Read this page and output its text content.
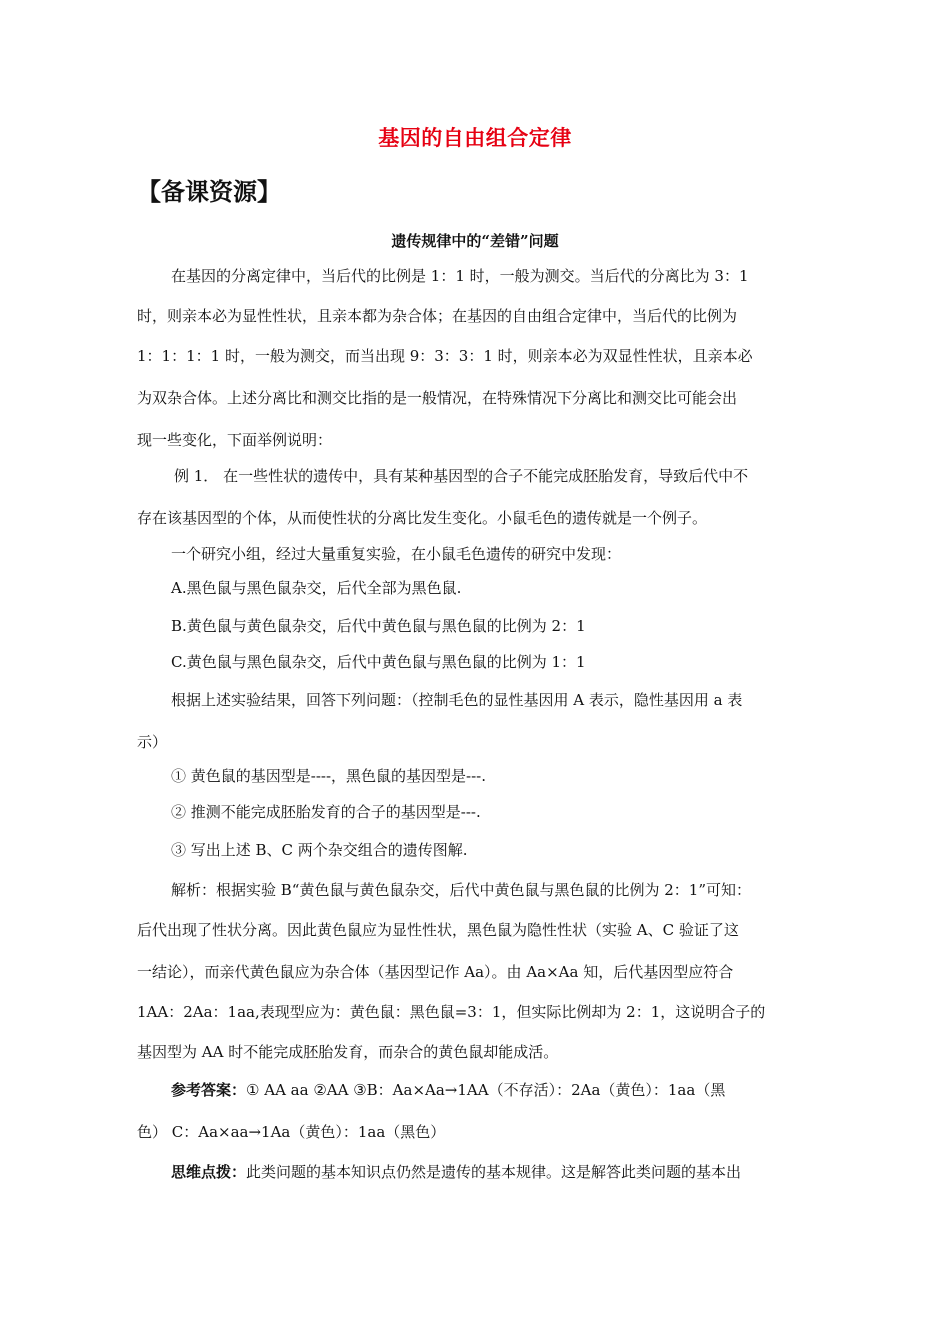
基因的自由组合定律
【备课资源】
遗传规律中的“差错”问题
在基因的分离定律中，当后代的比例是 1：1 时，一般为测交。当后代的分离比为 3：1
时，则亲本必为显性性状，且亲本都为杂合体；在基因的自由组合定律中，当后代的比例为
1：1：1：1 时，一般为测交，而当出现 9：3：3：1 时，则亲本必为双显性性状，且亲本必
为双杂合体。上述分离比和测交比指的是一般情况，在特殊情况下分离比和测交比可能会出
现一些变化，下面举例说明：
例 1． 在一些性状的遗传中，具有某种基因型的合子不能完成胚胎发育，导致后代中不
存在该基因型的个体，从而使性状的分离比发生变化。小鼠毛色的遗传就是一个例子。
一个研究小组，经过大量重复实验，在小鼠毛色遗传的研究中发现：
A.黑色鼠与黑色鼠杂交，后代全部为黑色鼠.
B.黄色鼠与黄色鼠杂交，后代中黄色鼠与黑色鼠的比例为 2：1
C.黄色鼠与黑色鼠杂交，后代中黄色鼠与黑色鼠的比例为 1：1
根据上述实验结果，回答下列问题：（控制毛色的显性基因用 A 表示，隐性基因用 a 表
示）
① 黄色鼠的基因型是----，黑色鼠的基因型是---.
② 推测不能完成胚胎发育的合子的基因型是---.
③ 写出上述 B、C 两个杂交组合的遗传图解.
解析：根据实验 B“黄色鼠与黄色鼠杂交，后代中黄色鼠与黑色鼠的比例为 2：1”可知：
后代出现了性状分离。因此黄色鼠应为显性性状，黑色鼠为隐性性状（实验 A、C 验证了这
一结论），而亲代黄色鼠应为杂合体（基因型记作 Aa）。由 Aa×Aa 知，后代基因型应符合
1AA：2Aa：1aa,表现型应为：黄色鼠：黑色鼠=3：1，但实际比例却为 2：1，这说明合子的
基因型为 AA 时不能完成胚胎发育，而杂合的黄色鼠却能成活。
参考答案：① AA aa ②AA ③B：Aa×Aa→1AA（不存活）：2Aa（黄色）：1aa（黑
色） C：Aa×aa→1Aa（黄色）：1aa（黑色）
思维点拨：此类问题的基本知识点仍然是遗传的基本规律。这是解答此类问题的基本出
